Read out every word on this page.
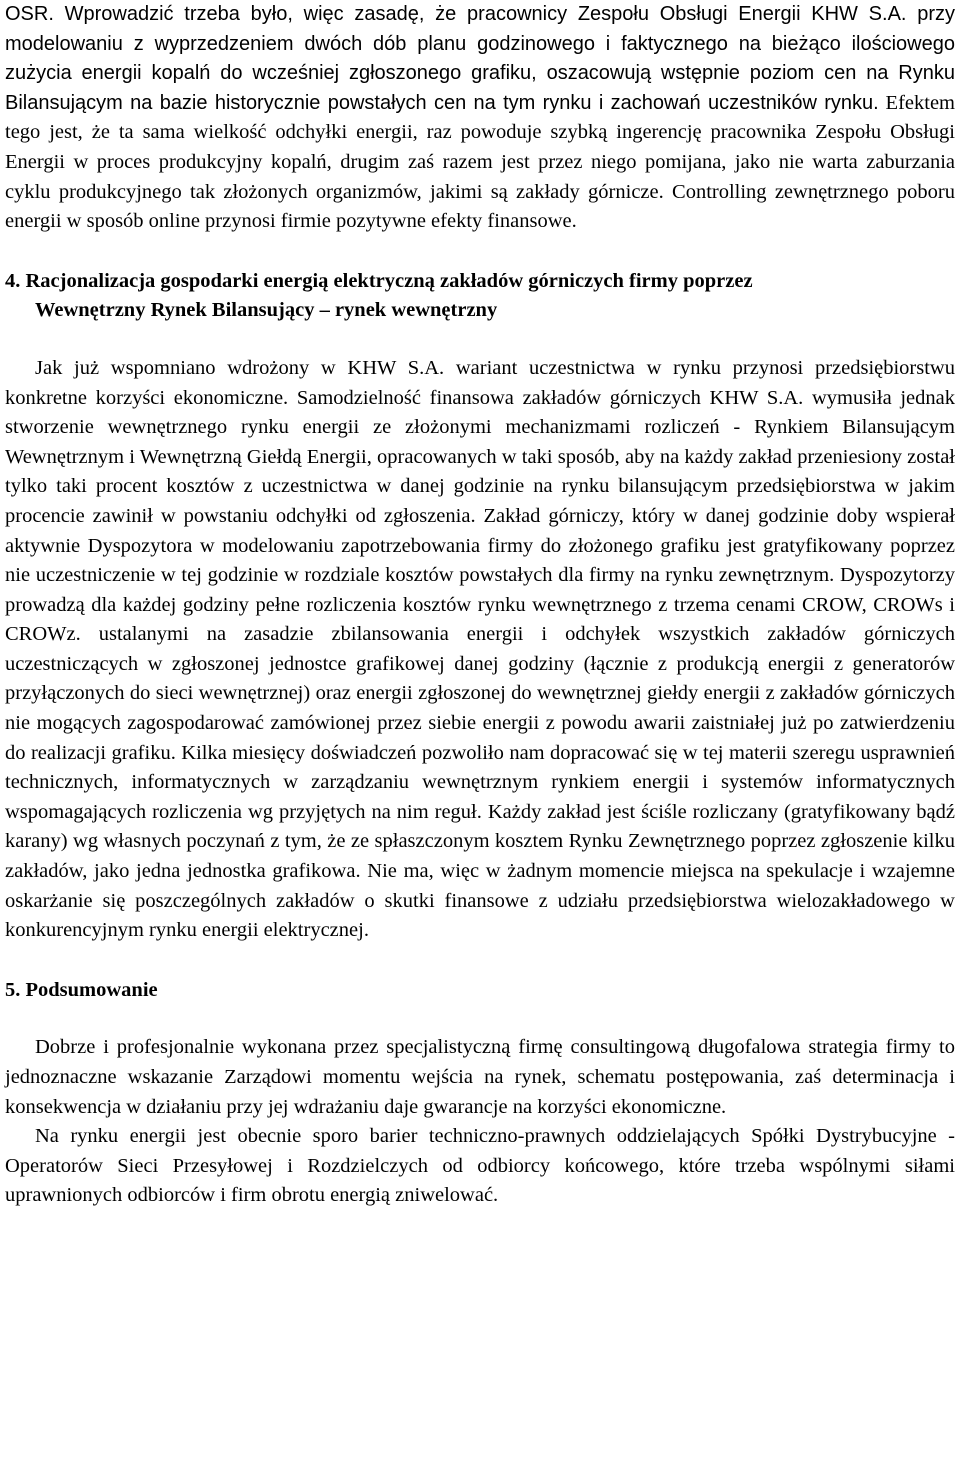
OSR. Wprowadzić trzeba było, więc zasadę, że pracownicy Zespołu Obsługi Energii KHW S.A. przy modelowaniu z wyprzedzeniem dwóch dób planu godzinowego i faktycznego na bieżąco ilościowego zużycia energii kopalń do wcześniej zgłoszonego grafiku, oszacowują wstępnie poziom cen na Rynku Bilansującym na bazie historycznie powstałych cen na tym rynku i zachowań uczestników rynku. Efektem tego jest, że ta sama wielkość odchyłki energii, raz powoduje szybką ingerencję pracownika Zespołu Obsługi Energii w proces produkcyjny kopalń, drugim zaś razem jest przez niego pomijana, jako nie warta zaburzania cyklu produkcyjnego tak złożonych organizmów, jakimi są zakłady górnicze. Controlling zewnętrznego poboru energii w sposób online przynosi firmie pozytywne efekty finansowe.

4. Racjonalizacja gospodarki energią elektryczną zakładów górniczych firmy poprzez
Wewnętrzny Rynek Bilansujący – rynek wewnętrzny

Jak już wspomniano wdrożony w KHW S.A. wariant uczestnictwa w rynku przynosi przedsiębiorstwu konkretne korzyści ekonomiczne. Samodzielność finansowa zakładów górniczych KHW S.A. wymusiła jednak stworzenie wewnętrznego rynku energii ze złożonymi mechanizmami rozliczeń - Rynkiem Bilansującym Wewnętrznym i Wewnętrzną Giełdą Energii, opracowanych w taki sposób, aby na każdy zakład przeniesiony został tylko taki procent kosztów z uczestnictwa w danej godzinie na rynku bilansującym przedsiębiorstwa w jakim procencie zawinił w powstaniu odchyłki od zgłoszenia. Zakład górniczy, który w danej godzinie doby wspierał aktywnie Dyspozytora w modelowaniu zapotrzebowania firmy do złożonego grafiku jest gratyfikowany poprzez nie uczestniczenie w tej godzinie w rozdziale kosztów powstałych dla firmy na rynku zewnętrznym. Dyspozytorzy prowadzą dla każdej godziny pełne rozliczenia kosztów rynku wewnętrznego z trzema cenami CROW, CROWs i CROWz. ustalanymi na zasadzie zbilansowania energii i odchyłek wszystkich zakładów górniczych uczestniczących w zgłoszonej jednostce grafikowej danej godziny (łącznie z produkcją energii z generatorów przyłączonych do sieci wewnętrznej) oraz energii zgłoszonej do wewnętrznej giełdy energii z zakładów górniczych nie mogących zagospodarować zamówionej przez siebie energii z powodu awarii zaistniałej już po zatwierdzeniu do realizacji grafiku. Kilka miesięcy doświadczeń pozwoliło nam dopracować się w tej materii szeregu usprawnień technicznych, informatycznych w zarządzaniu wewnętrznym rynkiem energii i systemów informatycznych wspomagających rozliczenia wg przyjętych na nim reguł. Każdy zakład jest ściśle rozliczany (gratyfikowany bądź karany) wg własnych poczynań z tym, że ze spłaszczonym kosztem Rynku Zewnętrznego poprzez zgłoszenie kilku zakładów, jako jedna jednostka grafikowa. Nie ma, więc w żadnym momencie miejsca na spekulacje i wzajemne oskarżanie się poszczególnych zakładów o skutki finansowe z udziału przedsiębiorstwa wielozakładowego w konkurencyjnym rynku energii elektrycznej.

5. Podsumowanie

Dobrze i profesjonalnie wykonana przez specjalistyczną firmę consultingową długofalowa strategia firmy to jednoznaczne wskazanie Zarządowi momentu wejścia na rynek, schematu postępowania, zaś determinacja i konsekwencja w działaniu przy jej wdrażaniu daje gwarancje na korzyści ekonomiczne.

Na rynku energii jest obecnie sporo barier techniczno-prawnych oddzielających Spółki Dystrybucyjne - Operatorów Sieci Przesyłowej i Rozdzielczych od odbiorcy końcowego, które trzeba wspólnymi siłami uprawnionych odbiorców i firm obrotu energią zniwelować.
